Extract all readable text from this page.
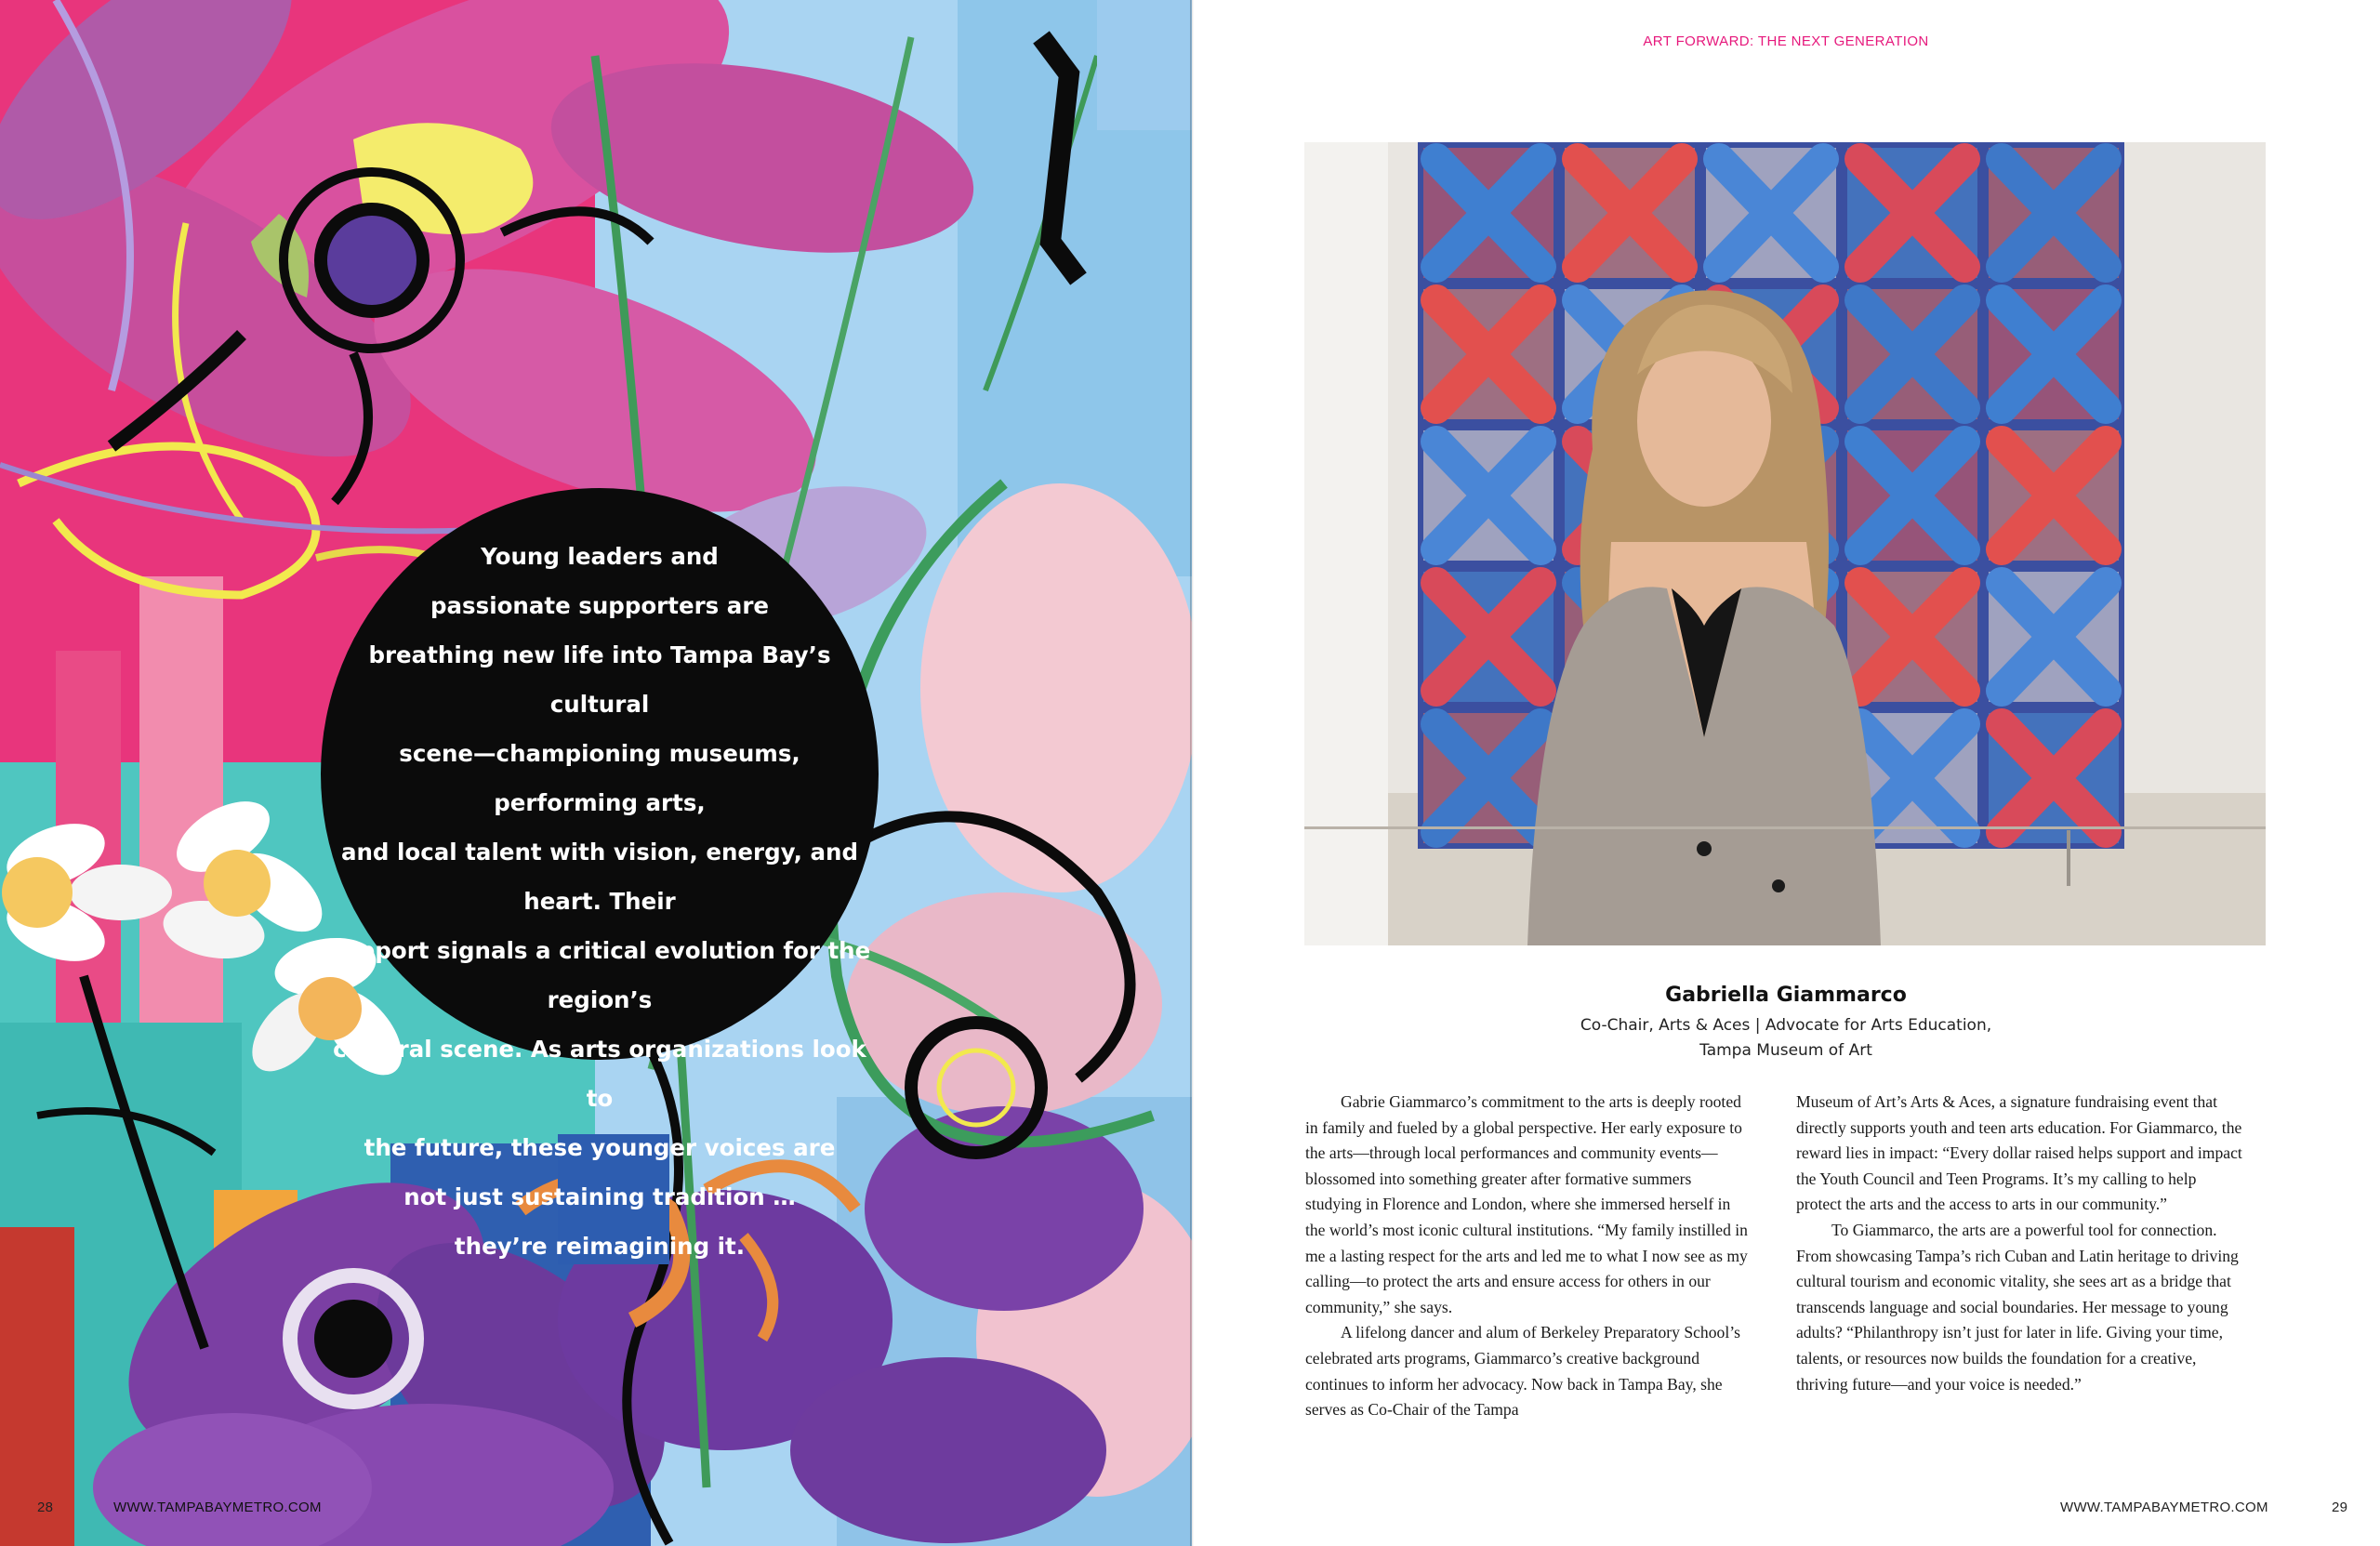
Young leaders and
passionate supporters are
breathing new life into Tampa Bay’s cultural
scene—championing museums, performing arts,
and local talent with vision, energy, and heart. Their
support signals a critical evolution for the region’s
cultural scene. As arts organizations look to
the future, these younger voices are
not just sustaining tradition …
they’re reimagining it.

28	WWW.TAMPABAYMETRO.COM
ART FORWARD: THE NEXT GENERATION
Gabriella Giammarco
Co-Chair, Arts & Aces | Advocate for Arts Education,
Tampa Museum of Art

Gabrie Giammarco’s commitment to the arts is deeply rooted in family and fueled by a global perspective. Her early exposure to the arts—through local performances and community events—blossomed into something greater after formative summers studying in Florence and London, where she immersed herself in the world’s most iconic cultural institutions. “My family instilled in me a lasting respect for the arts and led me to what I now see as my calling—to protect the arts and ensure access for others in our community,” she says.

A lifelong dancer and alum of Berkeley Preparatory School’s celebrated arts programs, Giammarco’s creative background continues to inform her advocacy. Now back in Tampa Bay, she serves as Co-Chair of the Tampa

Museum of Art’s Arts & Aces, a signature fundraising event that directly supports youth and teen arts education. For Giammarco, the reward lies in impact: “Every dollar raised helps support and impact the Youth Council and Teen Programs. It’s my calling to help protect the arts and the access to arts in our community.”

To Giammarco, the arts are a powerful tool for connection. From showcasing Tampa’s rich Cuban and Latin heritage to driving cultural tourism and economic vitality, she sees art as a bridge that transcends language and social boundaries. Her message to young adults? “Philanthropy isn’t just for later in life. Giving your time, talents, or resources now builds the foundation for a creative, thriving future—and your voice is needed.”

WWW.TAMPABAYMETRO.COM	29
